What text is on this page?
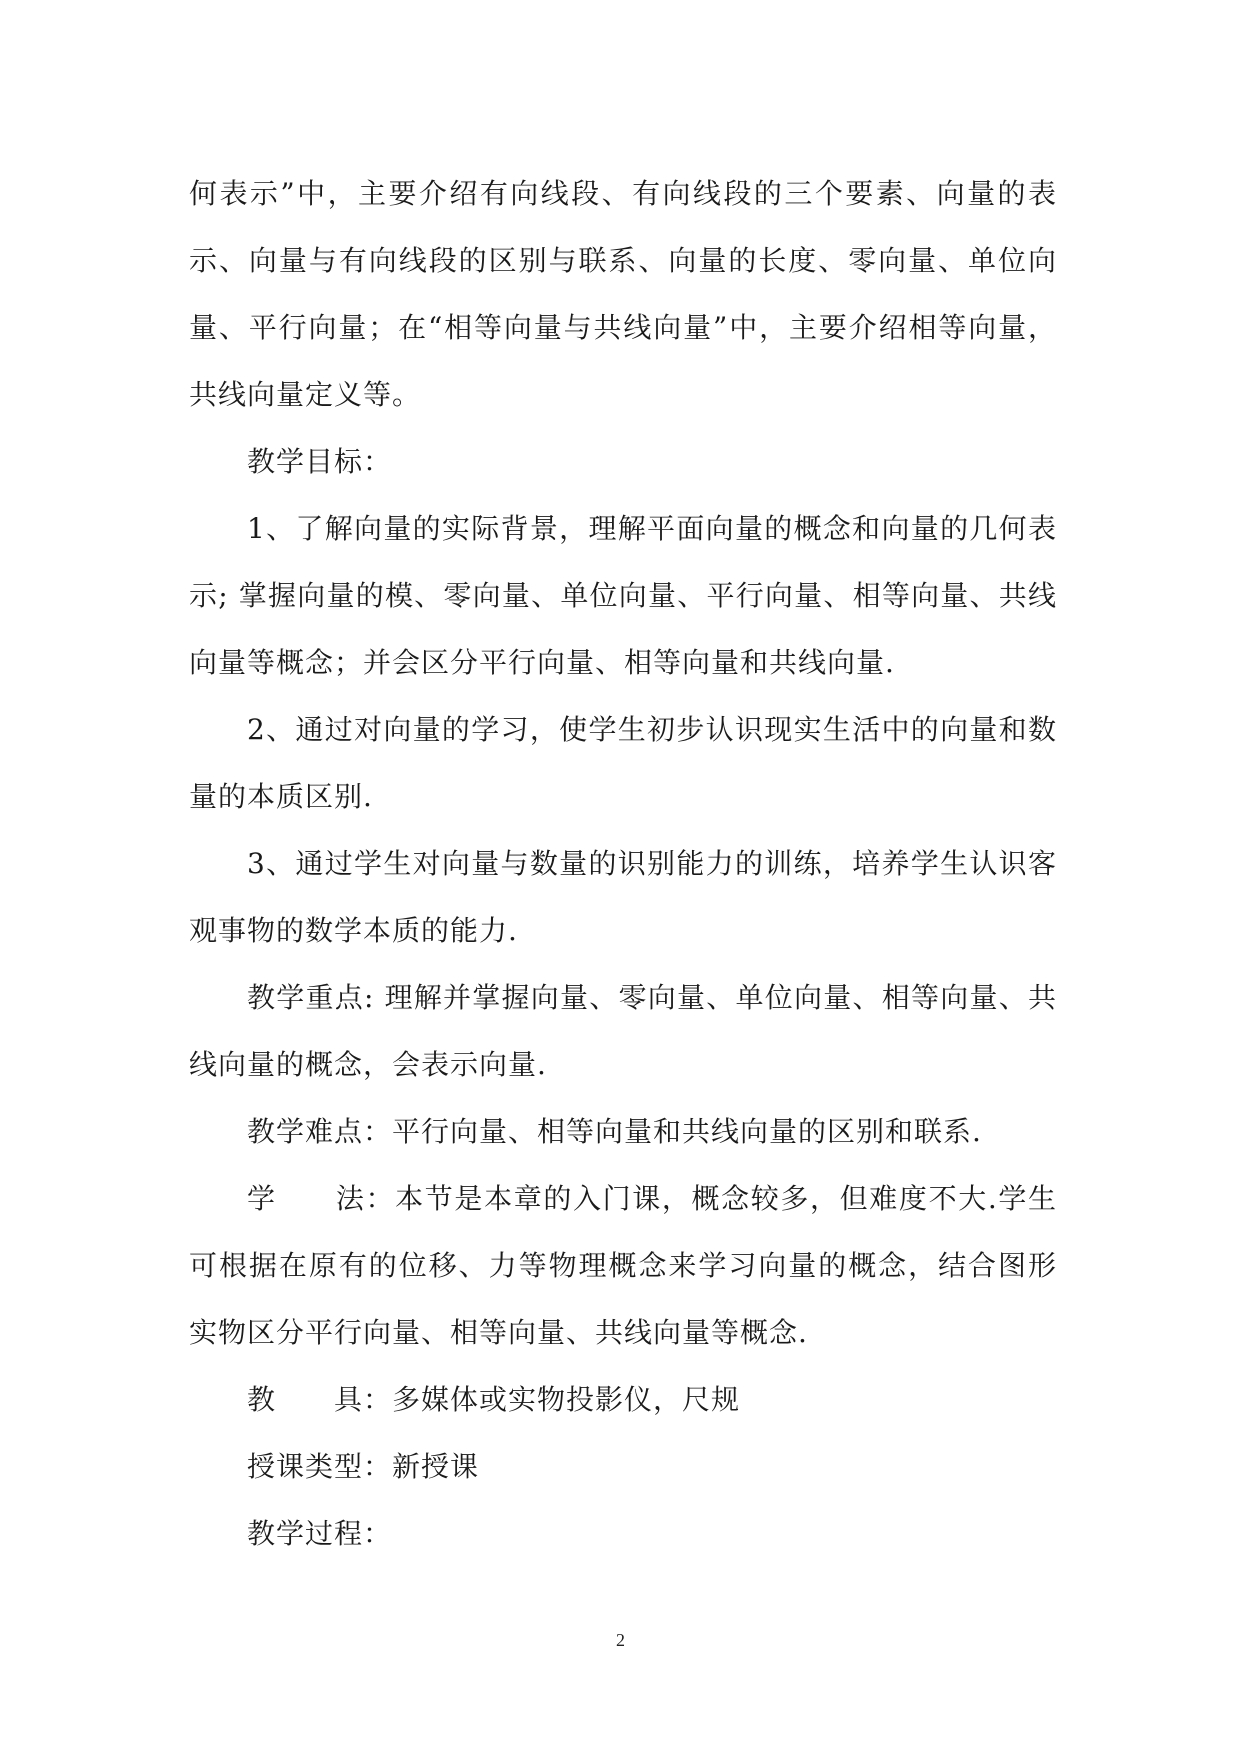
何表示”中，主要介绍有向线段、有向线段的三个要素、向量的表示、向量与有向线段的区别与联系、向量的长度、零向量、单位向量、平行向量；在“相等向量与共线向量”中，主要介绍相等向量，共线向量定义等。

教学目标：

1、了解向量的实际背景，理解平面向量的概念和向量的几何表示; 掌握向量的模、零向量、单位向量、平行向量、相等向量、共线向量等概念；并会区分平行向量、相等向量和共线向量.

2、通过对向量的学习，使学生初步认识现实生活中的向量和数量的本质区别.

3、通过学生对向量与数量的识别能力的训练，培养学生认识客观事物的数学本质的能力.

教学重点: 理解并掌握向量、零向量、单位向量、相等向量、共线向量的概念，会表示向量.

教学难点：平行向量、相等向量和共线向量的区别和联系.

学　　法：本节是本章的入门课，概念较多，但难度不大.学生可根据在原有的位移、力等物理概念来学习向量的概念，结合图形实物区分平行向量、相等向量、共线向量等概念.

教　　具：多媒体或实物投影仪，尺规

授课类型：新授课

教学过程：

2
